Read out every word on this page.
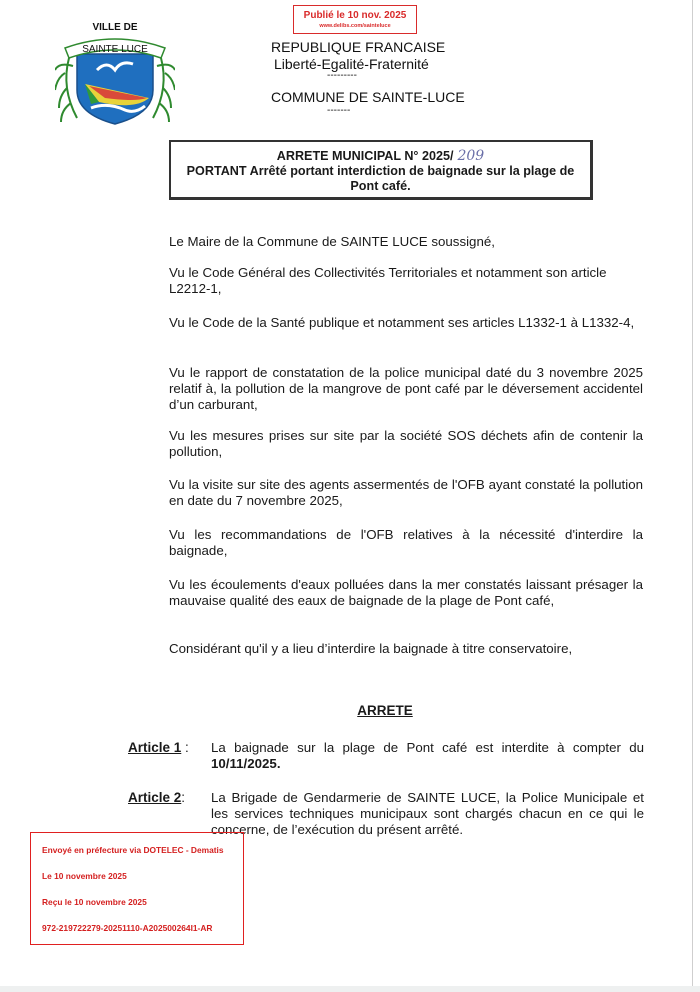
VILLE DE
SAINTE LUCE
Publié le 10 nov. 2025
www.delibs.com/sainteluce
REPUBLIQUE FRANCAISE
Liberté-Egalité-Fraternité
---------
COMMUNE DE SAINTE-LUCE
-------
ARRETE MUNICIPAL N° 2025/ 209
PORTANT Arrêté portant interdiction de baignade sur la plage de
Pont café.
Le Maire de la Commune de SAINTE LUCE soussigné,
Vu le Code Général des Collectivités Territoriales et notamment son article L2212-1,
Vu le Code de la Santé publique et notamment ses articles L1332-1 à L1332-4,
Vu le rapport de constatation de la police municipal daté du 3 novembre 2025 relatif à, la pollution de la mangrove de pont café par le déversement accidentel d’un carburant,
Vu les mesures prises sur site par la société SOS déchets afin de contenir la pollution,
Vu la visite sur site des agents assermentés de l'OFB ayant constaté la pollution en date du 7 novembre 2025,
Vu les recommandations de l'OFB relatives à la nécessité d'interdire la baignade,
Vu les écoulements d'eaux polluées dans la mer constatés laissant présager la mauvaise qualité des eaux de baignade de la plage de Pont café,
Considérant qu'il y a lieu d’interdire la baignade à titre conservatoire,
ARRETE
Article 1 : La baignade sur la plage de Pont café est interdite à compter du 10/11/2025.
Article 2: La Brigade de Gendarmerie de SAINTE LUCE, la Police Municipale et les services techniques municipaux sont chargés chacun en ce qui le concerne, de l’exécution du présent arrêté.
Envoyé en préfecture via DOTELEC - Dematis
Le 10 novembre 2025
Reçu le 10 novembre 2025
972-219722279-20251110-A202500264I1-AR
